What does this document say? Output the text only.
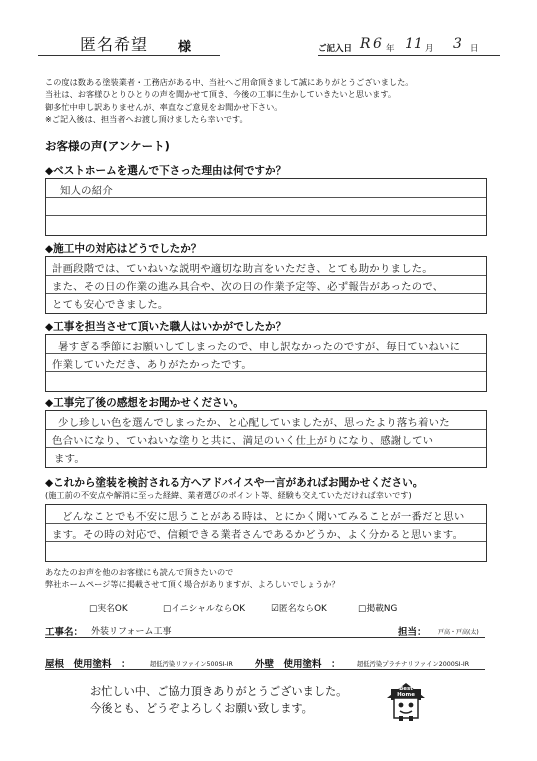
匿名希望 様	ご記入日 R 6 年 11 月 3 日
この度は数ある塗装業者・工務店がある中、当社へご用命頂きまして誠にありがとうございました。
当社は、お客様ひとりひとりの声を聞かせて頂き、今後の工事に生かしていきたいと思います。
御多忙中申し訳ありませんが、率直なご意見をお聞かせ下さい。
※ご記入後は、担当者へお渡し頂けましたら幸いです。
お客様の声(アンケート)
◆ベストホームを選んで下さった理由は何ですか？
知人の紹介
◆施工中の対応はどうでしたか？
計画段階では、ていねいな説明や適切な助言をいただき、とても助かりました。
また、その日の作業の進み具合や、次の日の作業予定等、必ず報告があったので、
とても安心できました。
◆工事を担当させて頂いた職人はいかがでしたか？
暑すぎる季節にお願いしてしまったので、申し訳なかったのですが、毎日ていねいに
作業していただき、ありがたかったです。
◆工事完了後の感想をお聞かせください。
少し珍しい色を選んでしまったか、と心配していましたが、思ったより落ち着いた
色合いになり、ていねいな塗りと共に、満足のいく仕上がりになり、感謝してい
ます。
◆これから塗装を検討される方へアドバイスや一言があればお聞かせください。
(施工前の不安点や解消に至った経緯、業者選びのポイント等、経験も交えていただければ幸いです)
どんなことでも不安に思うことがある時は、とにかく聞いてみることが一番だと思い
ます。その時の対応で、信頼できる業者さんであるかどうか、よく分かると思います。
あなたのお声を他のお客様にも読んで頂きたいので
弊社ホームページ等に掲載させて頂く場合がありますが、よろしいでしょうか？
□実名OK	□イニシャルならOK	☑匿名ならOK	□掲載NG
工事名： 外装リフォーム工事	担当： 戸高・戸高(太)
屋根　使用塗料　：	超低汚染リファイン500SI-IR 外壁　使用塗料　：	超低汚染プラチナリファイン2000SI-IR
お忙しい中、ご協力頂きありがとうございました。
今後とも、どうぞよろしくお願い致します。
Best
Home
